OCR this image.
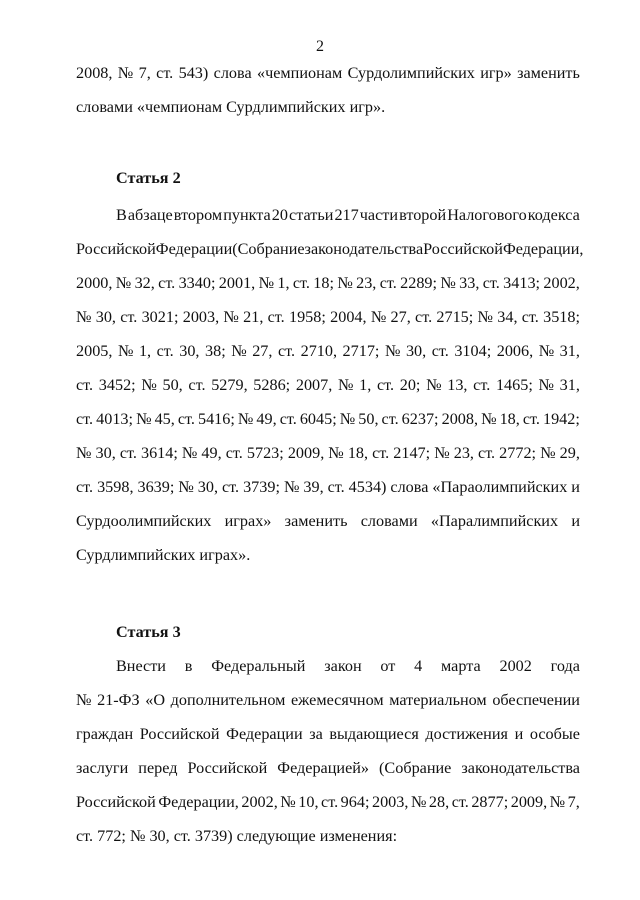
2
2008, № 7, ст. 543) слова «чемпионам Сурдолимпийских игр» заменить
словами «чемпионам Сурдлимпийских игр».
Статья 2
В абзаце втором пункта 20 статьи 217 части второй Налогового кодекса
Российской Федерации (Собрание законодательства Российской Федерации,
2000, № 32, ст. 3340; 2001, № 1, ст. 18; № 23, ст. 2289; № 33, ст. 3413; 2002,
№ 30, ст. 3021; 2003, № 21, ст. 1958; 2004, № 27, ст. 2715; № 34, ст. 3518;
2005, № 1, ст. 30, 38; № 27, ст. 2710, 2717; № 30, ст. 3104; 2006, № 31,
ст. 3452; № 50, ст. 5279, 5286; 2007, № 1, ст. 20; № 13, ст. 1465; № 31,
ст. 4013; № 45, ст. 5416; № 49, ст. 6045; № 50, ст. 6237; 2008, № 18, ст. 1942;
№ 30, ст. 3614; № 49, ст. 5723; 2009, № 18, ст. 2147; № 23, ст. 2772; № 29,
ст. 3598, 3639; № 30, ст. 3739; № 39, ст. 4534) слова «Параолимпийских и
Сурдоолимпийских играх» заменить словами «Паралимпийских и
Сурдлимпийских играх».
Статья 3
Внести в Федеральный закон от 4 марта 2002 года
№ 21-ФЗ «О дополнительном ежемесячном материальном обеспечении
граждан Российской Федерации за выдающиеся достижения и особые
заслуги перед Российской Федерацией» (Собрание законодательства
Российской Федерации, 2002, № 10, ст. 964; 2003, № 28, ст. 2877; 2009, № 7,
ст. 772; № 30, ст. 3739) следующие изменения:
